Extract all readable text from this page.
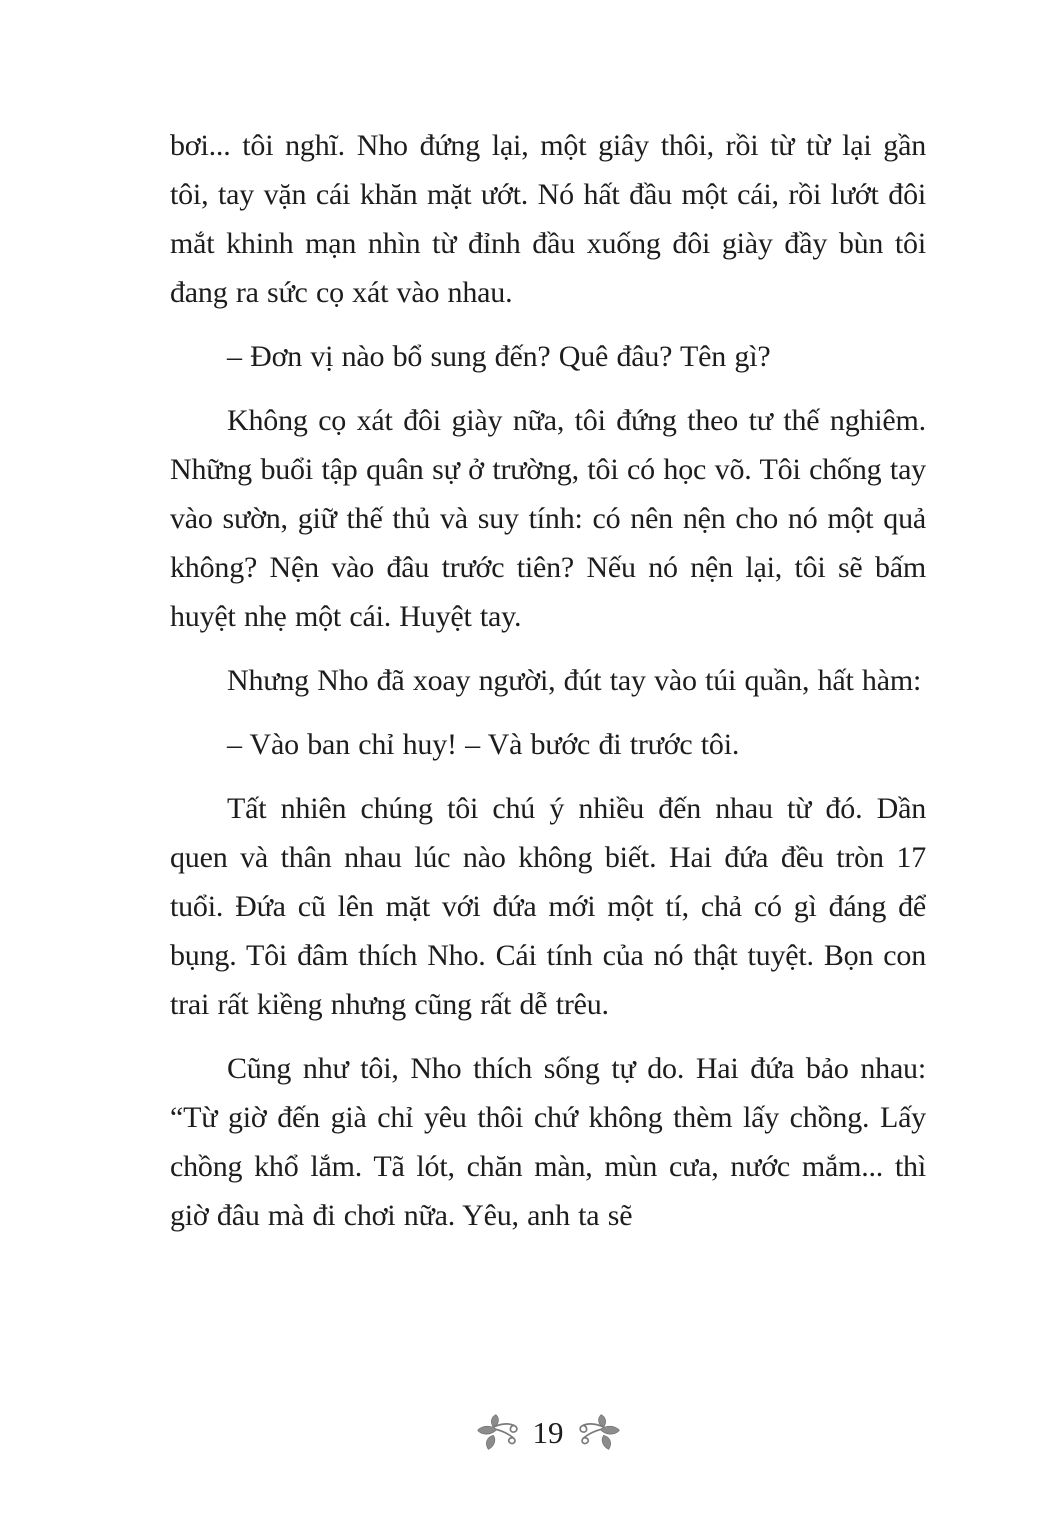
bơi... tôi nghĩ. Nho đứng lại, một giây thôi, rồi từ từ lại gần tôi, tay vặn cái khăn mặt ướt. Nó hất đầu một cái, rồi lướt đôi mắt khinh mạn nhìn từ đỉnh đầu xuống đôi giày đầy bùn tôi đang ra sức cọ xát vào nhau.

– Đơn vị nào bổ sung đến? Quê đâu? Tên gì?

Không cọ xát đôi giày nữa, tôi đứng theo tư thế nghiêm. Những buổi tập quân sự ở trường, tôi có học võ. Tôi chống tay vào sườn, giữ thế thủ và suy tính: có nên nện cho nó một quả không? Nện vào đâu trước tiên? Nếu nó nện lại, tôi sẽ bấm huyệt nhẹ một cái. Huyệt tay.

Nhưng Nho đã xoay người, đút tay vào túi quần, hất hàm:

– Vào ban chỉ huy! – Và bước đi trước tôi.

Tất nhiên chúng tôi chú ý nhiều đến nhau từ đó. Dần quen và thân nhau lúc nào không biết. Hai đứa đều tròn 17 tuổi. Đứa cũ lên mặt với đứa mới một tí, chả có gì đáng để bụng. Tôi đâm thích Nho. Cái tính của nó thật tuyệt. Bọn con trai rất kiềng nhưng cũng rất dễ trêu.

Cũng như tôi, Nho thích sống tự do. Hai đứa bảo nhau: “Từ giờ đến già chỉ yêu thôi chứ không thèm lấy chồng. Lấy chồng khổ lắm. Tã lót, chăn màn, mùn cưa, nước mắm... thì giờ đâu mà đi chơi nữa. Yêu, anh ta sẽ

19
